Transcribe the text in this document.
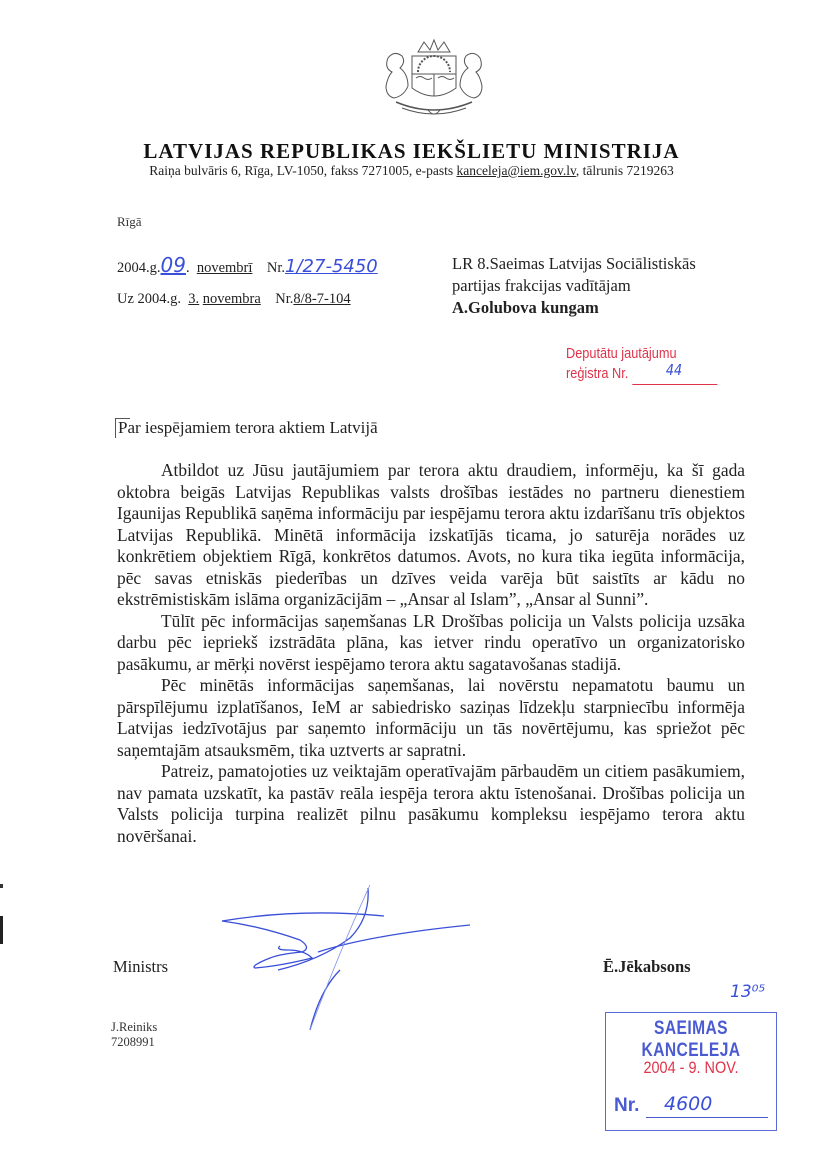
LATVIJAS REPUBLIKAS IEKŠLIETU MINISTRIJA
Raiņa bulvāris 6, Rīga, LV-1050, fakss 7271005, e-pasts kanceleja@iem.gov.lv, tālrunis 7219263
Rīgā
2004.g.09.  novembrī Nr.1/27-5450
Uz 2004.g. 3. novembra Nr.8/8-7-104
LR 8.Saeimas Latvijas Sociālistiskās
partijas frakcijas vadītājam
A.Golubova kungam
Deputātu jautājumu
reģistra Nr.	44

Par iespējamiem terora aktiem Latvijā

Atbildot uz Jūsu jautājumiem par terora aktu draudiem, informēju, ka šī gada oktobra beigās Latvijas Republikas valsts drošības iestādes no partneru dienestiem Igaunijas Republikā saņēma informāciju par iespējamu terora aktu izdarīšanu trīs objektos Latvijas Republikā. Minētā informācija izskatījās ticama, jo saturēja norādes uz konkrētiem objektiem Rīgā, konkrētos datumos. Avots, no kura tika iegūta informācija, pēc savas etniskās piederības un dzīves veida varēja būt saistīts ar kādu no ekstrēmistiskām islāma organizācijām – „Ansar al Islam”, „Ansar al Sunni”.

Tūlīt pēc informācijas saņemšanas LR Drošības policija un Valsts policija uzsāka darbu pēc iepriekš izstrādāta plāna, kas ietver rindu operatīvo un organizatorisko pasākumu, ar mērķi novērst iespējamo terora aktu sagatavošanas stadijā.

Pēc minētās informācijas saņemšanas, lai novērstu nepamatotu baumu un pārspīlējumu izplatīšanos, IeM ar sabiedrisko saziņas līdzekļu starpniecību informēja Latvijas iedzīvotājus par saņemto informāciju un tās novērtējumu, kas spriežot pēc saņemtajām atsauksmēm, tika uztverts ar sapratni.

Patreiz, pamatojoties uz veiktajām operatīvajām pārbaudēm un citiem pasākumiem, nav pamata uzskatīt, ka pastāv reāla iespēja terora aktu īstenošanai. Drošības policija un Valsts policija turpina realizēt pilnu pasākumu kompleksu iespējamo terora aktu novēršanai.

Ministrs	Ē.Jēkabsons
J.Reiniks
7208991
13⁰⁵
SAEIMAS KANCELEJA
2004 - 9. NOV.
Nr. 4600
